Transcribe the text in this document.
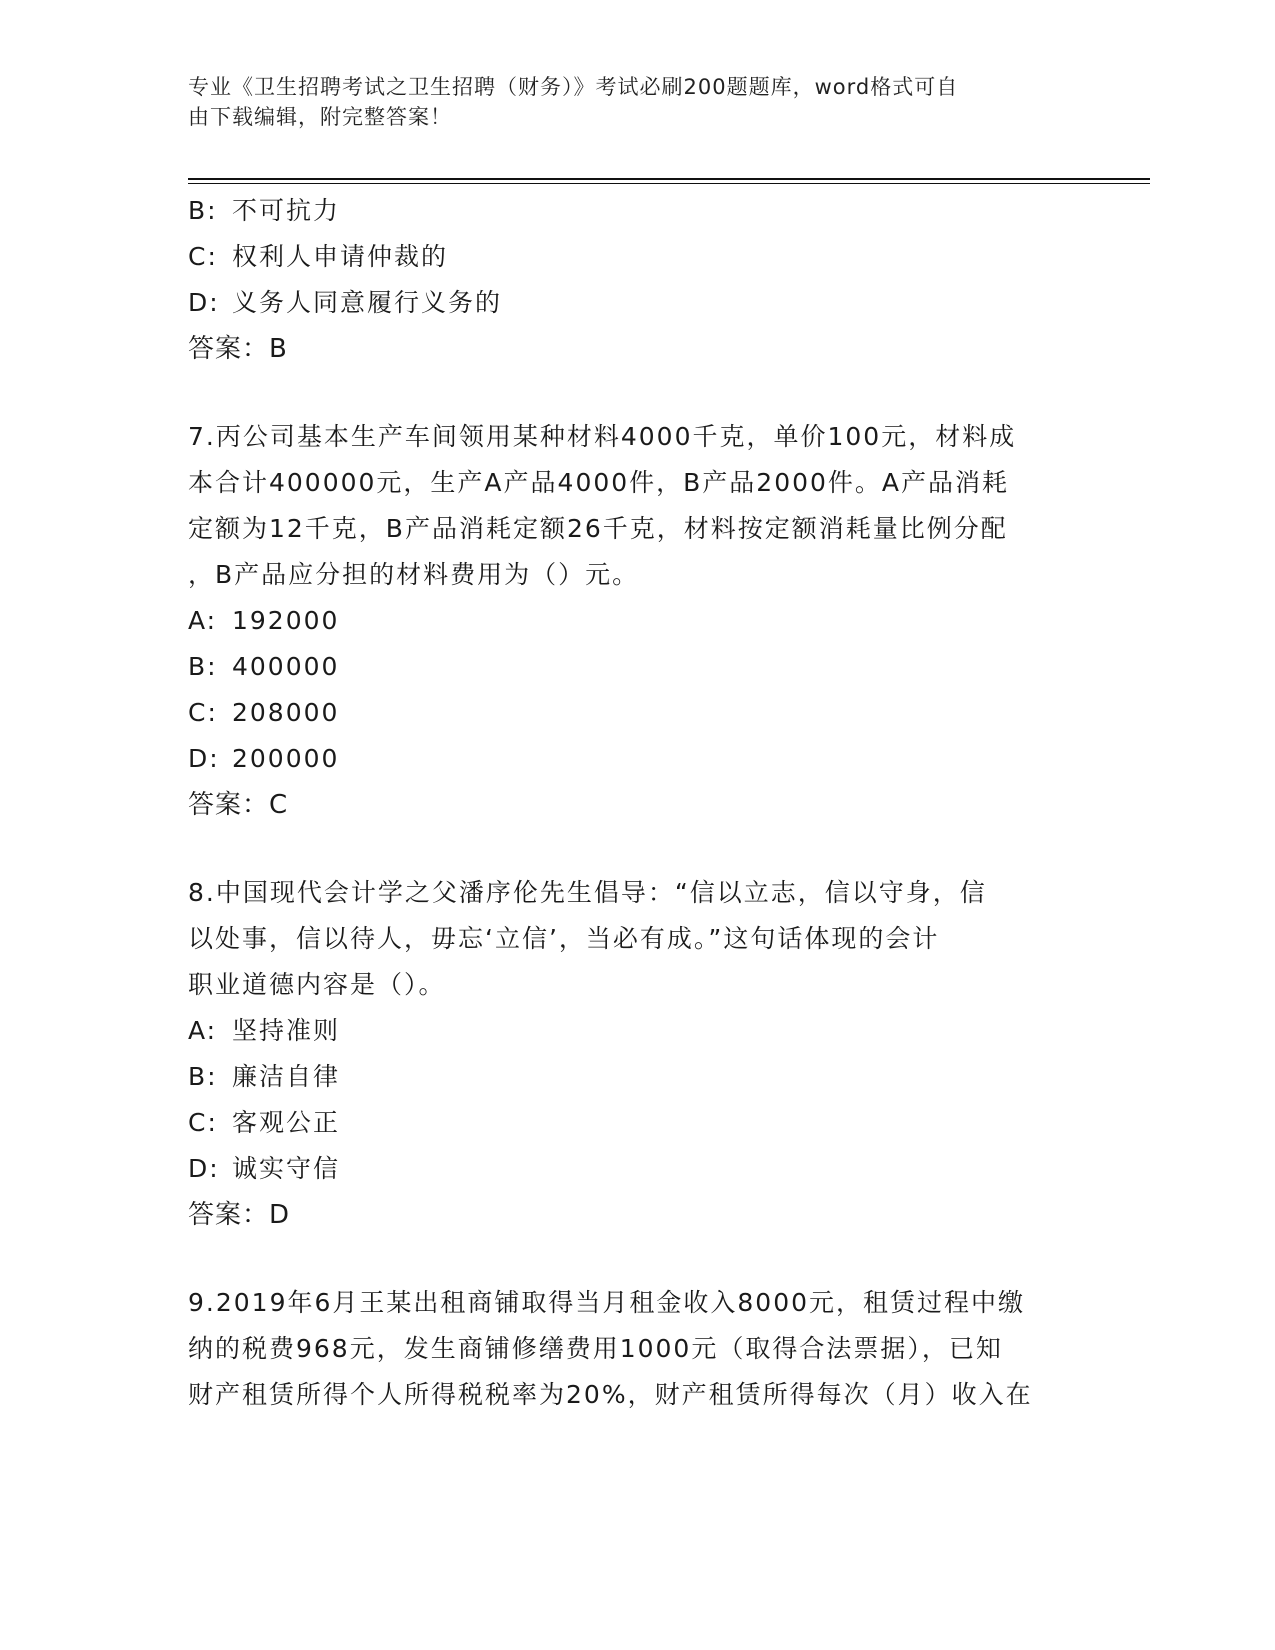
专业《卫生招聘考试之卫生招聘（财务）》考试必刷200题题库，word格式可自
由下载编辑，附完整答案！
B: 不可抗力
C: 权利人申请仲裁的
D: 义务人同意履行义务的
答案：B
7.丙公司基本生产车间领用某种材料4000千克，单价100元，材料成
本合计400000元，生产A产品4000件，B产品2000件。A产品消耗
定额为12千克，B产品消耗定额26千克，材料按定额消耗量比例分配
，B产品应分担的材料费用为（）元。
A: 192000
B: 400000
C: 208000
D: 200000
答案：C
8.中国现代会计学之父潘序伦先生倡导：“信以立志，信以守身，信
以处事，信以待人，毋忘‘立信’，当必有成。”这句话体现的会计
职业道德内容是（）。
A: 坚持准则
B: 廉洁自律
C: 客观公正
D: 诚实守信
答案：D
9.2019年6月王某出租商铺取得当月租金收入8000元，租赁过程中缴
纳的税费968元，发生商铺修缮费用1000元（取得合法票据），已知
财产租赁所得个人所得税税率为20%，财产租赁所得每次（月）收入在
